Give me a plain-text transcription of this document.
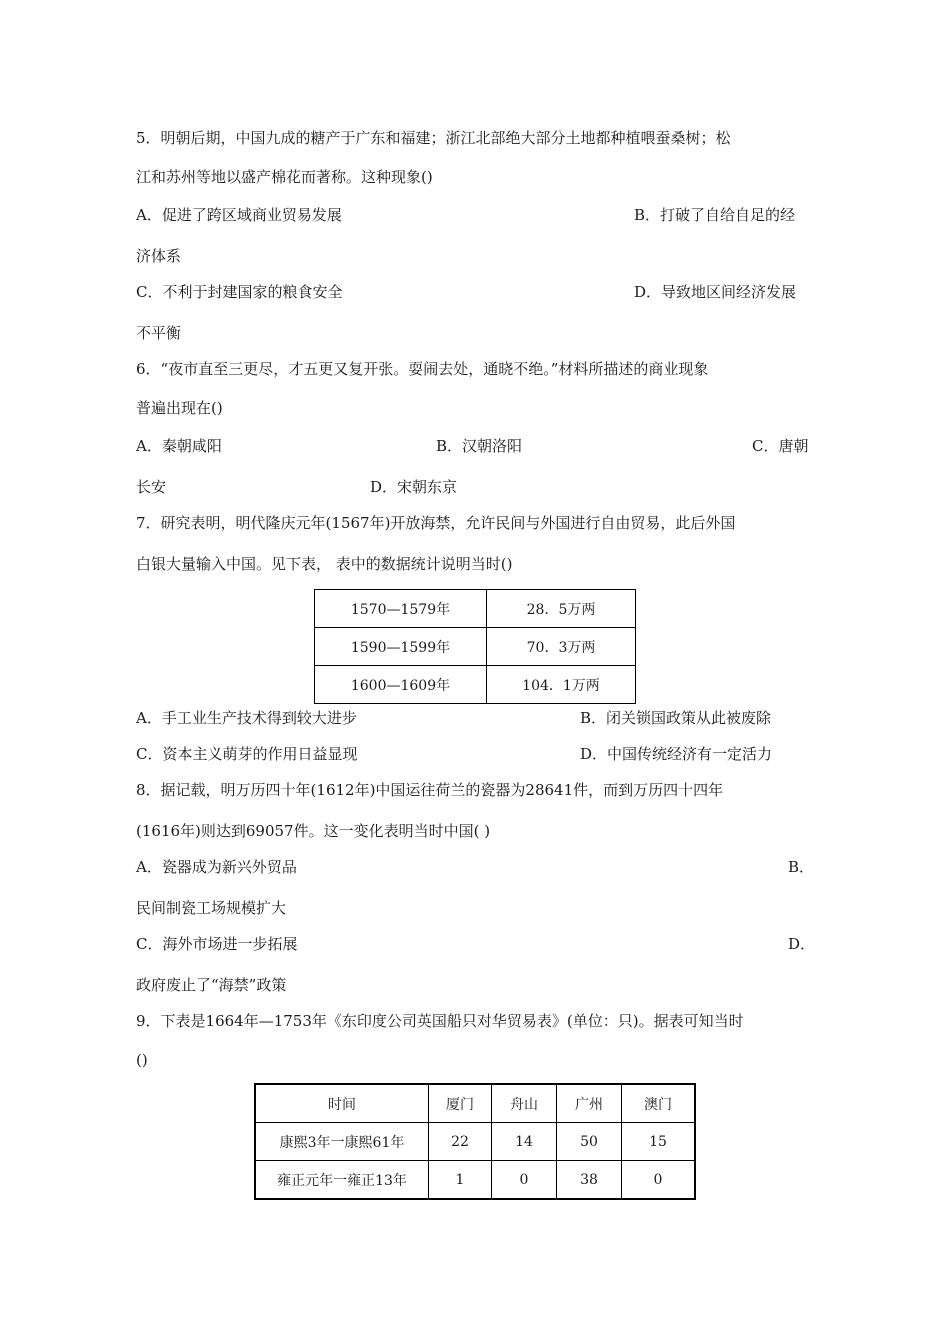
5．明朝后期，中国九成的糖产于广东和福建；浙江北部绝大部分土地都种植喂蚕桑树；松
江和苏州等地以盛产棉花而著称。这种现象()
A．促进了跨区域商业贸易发展	B．打破了自给自足的经
济体系
C．不利于封建国家的粮食安全	D．导致地区间经济发展
不平衡
6．“夜市直至三更尽，才五更又复开张。耍闹去处，通晓不绝。”材料所描述的商业现象
普遍出现在()
A．秦朝咸阳	B．汉朝洛阳	C．唐朝
长安	D．宋朝东京
7．研究表明，明代隆庆元年(1567年)开放海禁，允许民间与外国进行自由贸易，此后外国
白银大量输入中国。见下表， 表中的数据统计说明当时()
1570—1579年	28．5万两
1590—1599年	70．3万两
1600—1609年	104．1万两
A．手工业生产技术得到较大进步	B．闭关锁国政策从此被废除
C．资本主义萌芽的作用日益显现	D．中国传统经济有一定活力
8．据记载，明万历四十年(1612年)中国运往荷兰的瓷器为28641件，而到万历四十四年
(1616年)则达到69057件。这一变化表明当时中国( )
A．瓷器成为新兴外贸品	B．
民间制瓷工场规模扩大
C．海外市场进一步拓展	D．
政府废止了“海禁”政策
9．下表是1664年—1753年《东印度公司英国船只对华贸易表》(单位：只)。据表可知当时
()
时间	厦门	舟山	广州	澳门
康熙3年一康熙61年	22	14	50	15
雍正元年一雍正13年	1	0	38	0
